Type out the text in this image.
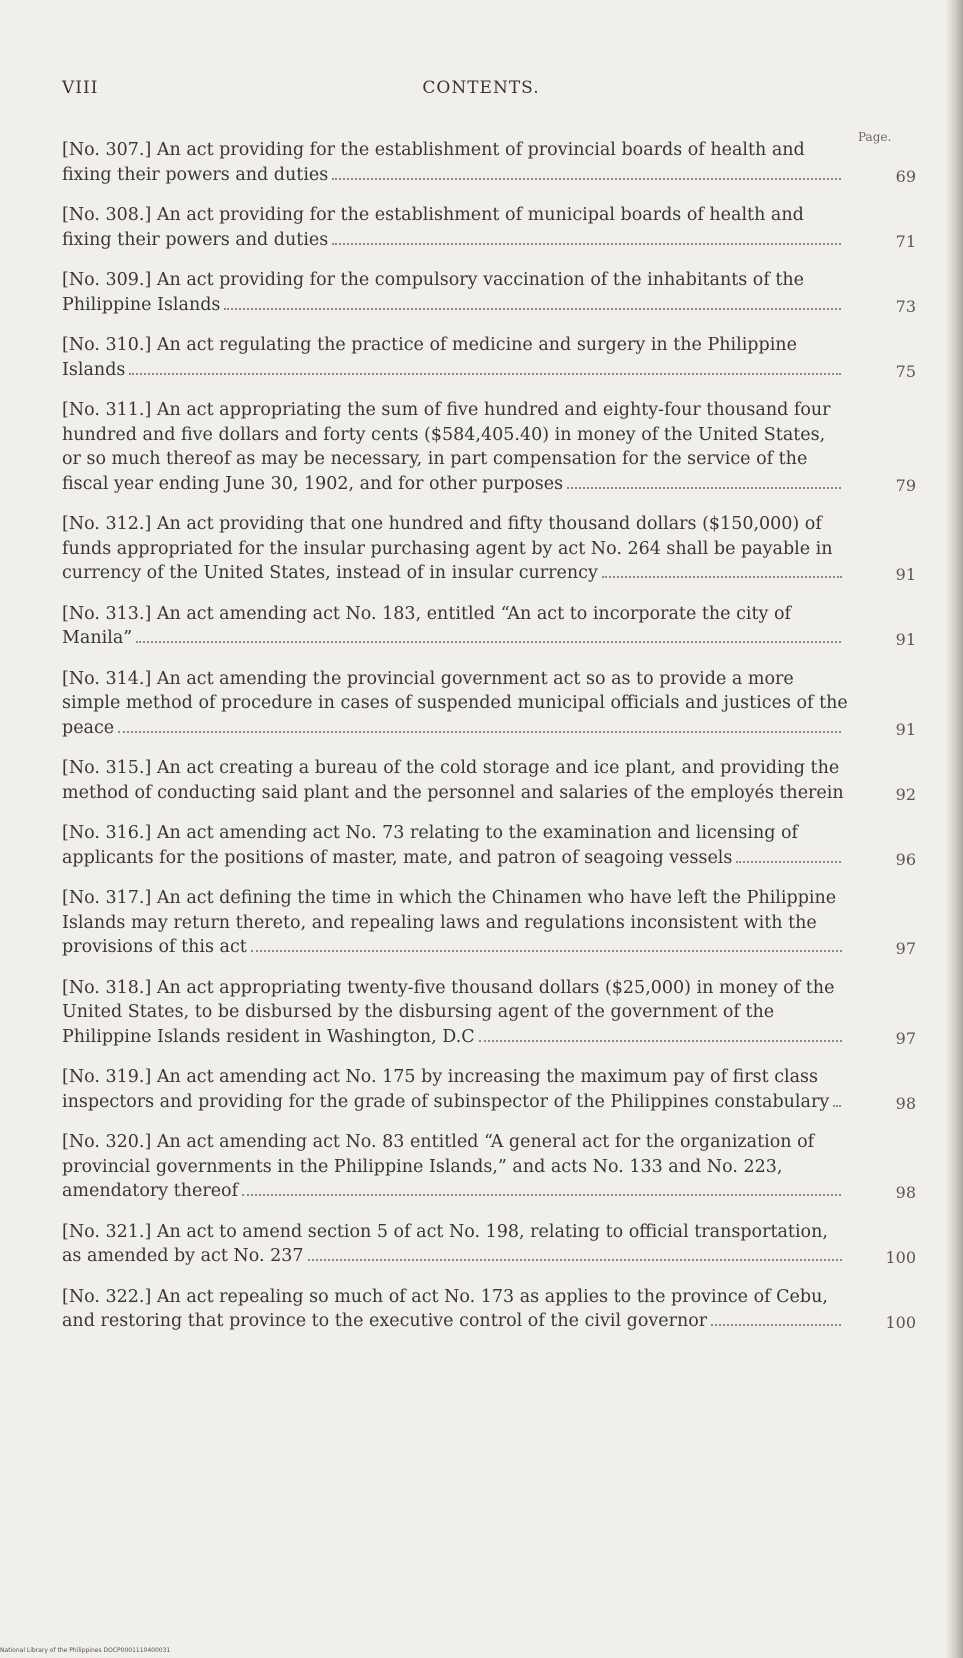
VIII	CONTENTS.
Page.
[No. 307.] An act providing for the establishment of provincial boards of health and fixing their powers and duties	69
[No. 308.] An act providing for the establishment of municipal boards of health and fixing their powers and duties	71
[No. 309.] An act providing for the compulsory vaccination of the inhabitants of the Philippine Islands	73
[No. 310.] An act regulating the practice of medicine and surgery in the Philippine Islands	75
[No. 311.] An act appropriating the sum of five hundred and eighty-four thousand four hundred and five dollars and forty cents ($584,405.40) in money of the United States, or so much thereof as may be necessary, in part compensation for the service of the fiscal year ending June 30, 1902, and for other purposes	79
[No. 312.] An act providing that one hundred and fifty thousand dollars ($150,000) of funds appropriated for the insular purchasing agent by act No. 264 shall be payable in currency of the United States, instead of in insular currency	91
[No. 313.] An act amending act No. 183, entitled “An act to incorporate the city of Manila”	91
[No. 314.] An act amending the provincial government act so as to provide a more simple method of procedure in cases of suspended municipal officials and justices of the peace	91
[No. 315.] An act creating a bureau of the cold storage and ice plant, and providing the method of conducting said plant and the personnel and salaries of the employés therein	92
[No. 316.] An act amending act No. 73 relating to the examination and licensing of applicants for the positions of master, mate, and patron of seagoing vessels	96
[No. 317.] An act defining the time in which the Chinamen who have left the Philippine Islands may return thereto, and repealing laws and regulations inconsistent with the provisions of this act	97
[No. 318.] An act appropriating twenty-five thousand dollars ($25,000) in money of the United States, to be disbursed by the disbursing agent of the government of the Philippine Islands resident in Washington, D.C	97
[No. 319.] An act amending act No. 175 by increasing the maximum pay of first class inspectors and providing for the grade of subinspector of the Philippines constabulary	98
[No. 320.] An act amending act No. 83 entitled “A general act for the organization of provincial governments in the Philippine Islands,” and acts No. 133 and No. 223, amendatory thereof	98
[No. 321.] An act to amend section 5 of act No. 198, relating to official transportation, as amended by act No. 237	100
[No. 322.] An act repealing so much of act No. 173 as applies to the province of Cebu, and restoring that province to the executive control of the civil governor	100
National Library of the Philippines DOCP0001110400031
